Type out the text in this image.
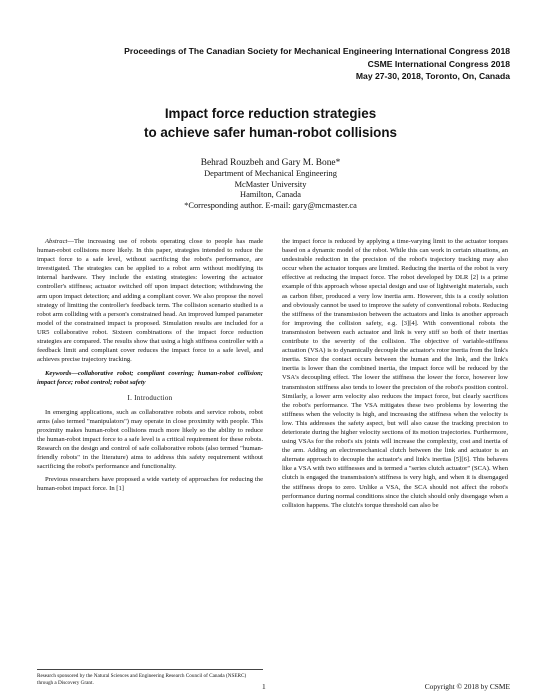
Proceedings of The Canadian Society for Mechanical Engineering International Congress 2018
CSME International Congress 2018
May 27-30, 2018, Toronto, On, Canada
Impact force reduction strategies
to achieve safer human-robot collisions
Behrad Rouzbeh and Gary M. Bone*
Department of Mechanical Engineering
McMaster University
Hamilton, Canada
*Corresponding author. E-mail: gary@mcmaster.ca

Abstract—The increasing use of robots operating close to people has made human-robot collisions more likely. In this paper, strategies intended to reduce the impact force to a safe level, without sacrificing the robot's performance, are investigated. The strategies can be applied to a robot arm without modifying its internal hardware. They include the existing strategies: lowering the actuator controller's stiffness; actuator switched off upon impact detection; withdrawing the arm upon impact detection; and adding a compliant cover. We also propose the novel strategy of limiting the controller's feedback term. The collision scenario studied is a robot arm colliding with a person's constrained head. An improved lumped parameter model of the constrained impact is proposed. Simulation results are included for a UR5 collaborative robot. Sixteen combinations of the impact force reduction strategies are compared. The results show that using a high stiffness controller with a feedback limit and compliant cover reduces the impact force to a safe level, and achieves precise trajectory tracking.

Keywords—collaborative robot; compliant covering; human-robot collision; impact force; robot control; robot safety

I. Introduction

In emerging applications, such as collaborative robots and service robots, robot arms (also termed "manipulators") may operate in close proximity with people. This proximity makes human-robot collisions much more likely so the ability to reduce the human-robot impact force to a safe level is a critical requirement for these robots. Research on the design and control of safe collaborative robots (also termed "human-friendly robots" in the literature) aims to address this safety requirement without sacrificing the robot's performance and functionality.

Previous researchers have proposed a wide variety of approaches for reducing the human-robot impact force. In [1]

Research sponsored by the Natural Sciences and Engineering Research Council of Canada (NSERC) through a Discovery Grant.

the impact force is reduced by applying a time-varying limit to the actuator torques based on a dynamic model of the robot. While this can work in certain situations, an undesirable reduction in the precision of the robot's trajectory tracking may also occur when the actuator torques are limited. Reducing the inertia of the robot is very effective at reducing the impact force. The robot developed by DLR [2] is a prime example of this approach whose special design and use of lightweight materials, such as carbon fiber, produced a very low inertia arm. However, this is a costly solution and obviously cannot be used to improve the safety of conventional robots. Reducing the stiffness of the transmission between the actuators and links is another approach for improving the collision safety, e.g. [3][4]. With conventional robots the transmission between each actuator and link is very stiff so both of their inertias contribute to the severity of the collision. The objective of variable-stiffness actuation (VSA) is to dynamically decouple the actuator's rotor inertia from the link's inertia. Since the contact occurs between the human and the link, and the link's inertia is lower than the combined inertia, the impact force will be reduced by the VSA's decoupling effect. The lower the stiffness the lower the force, however low transmission stiffness also tends to lower the precision of the robot's position control. Similarly, a lower arm velocity also reduces the impact force, but clearly sacrifices the robot's performance. The VSA mitigates these two problems by lowering the stiffness when the velocity is high, and increasing the stiffness when the velocity is low. This addresses the safety aspect, but will also cause the tracking precision to deteriorate during the higher velocity sections of its motion trajectories. Furthermore, using VSAs for the robot's six joints will increase the complexity, cost and inertia of the arm. Adding an electromechanical clutch between the link and actuator is an alternate approach to decouple the actuator's and link's inertias [5][6]. This behaves like a VSA with two stiffnesses and is termed a "series clutch actuator" (SCA). When clutch is engaged the transmission's stiffness is very high, and when it is disengaged the stiffness drops to zero. Unlike a VSA, the SCA should not affect the robot's performance during normal conditions since the clutch should only disengage when a collision happens. The clutch's torque threshold can also be

1	Copyright © 2018 by CSME
